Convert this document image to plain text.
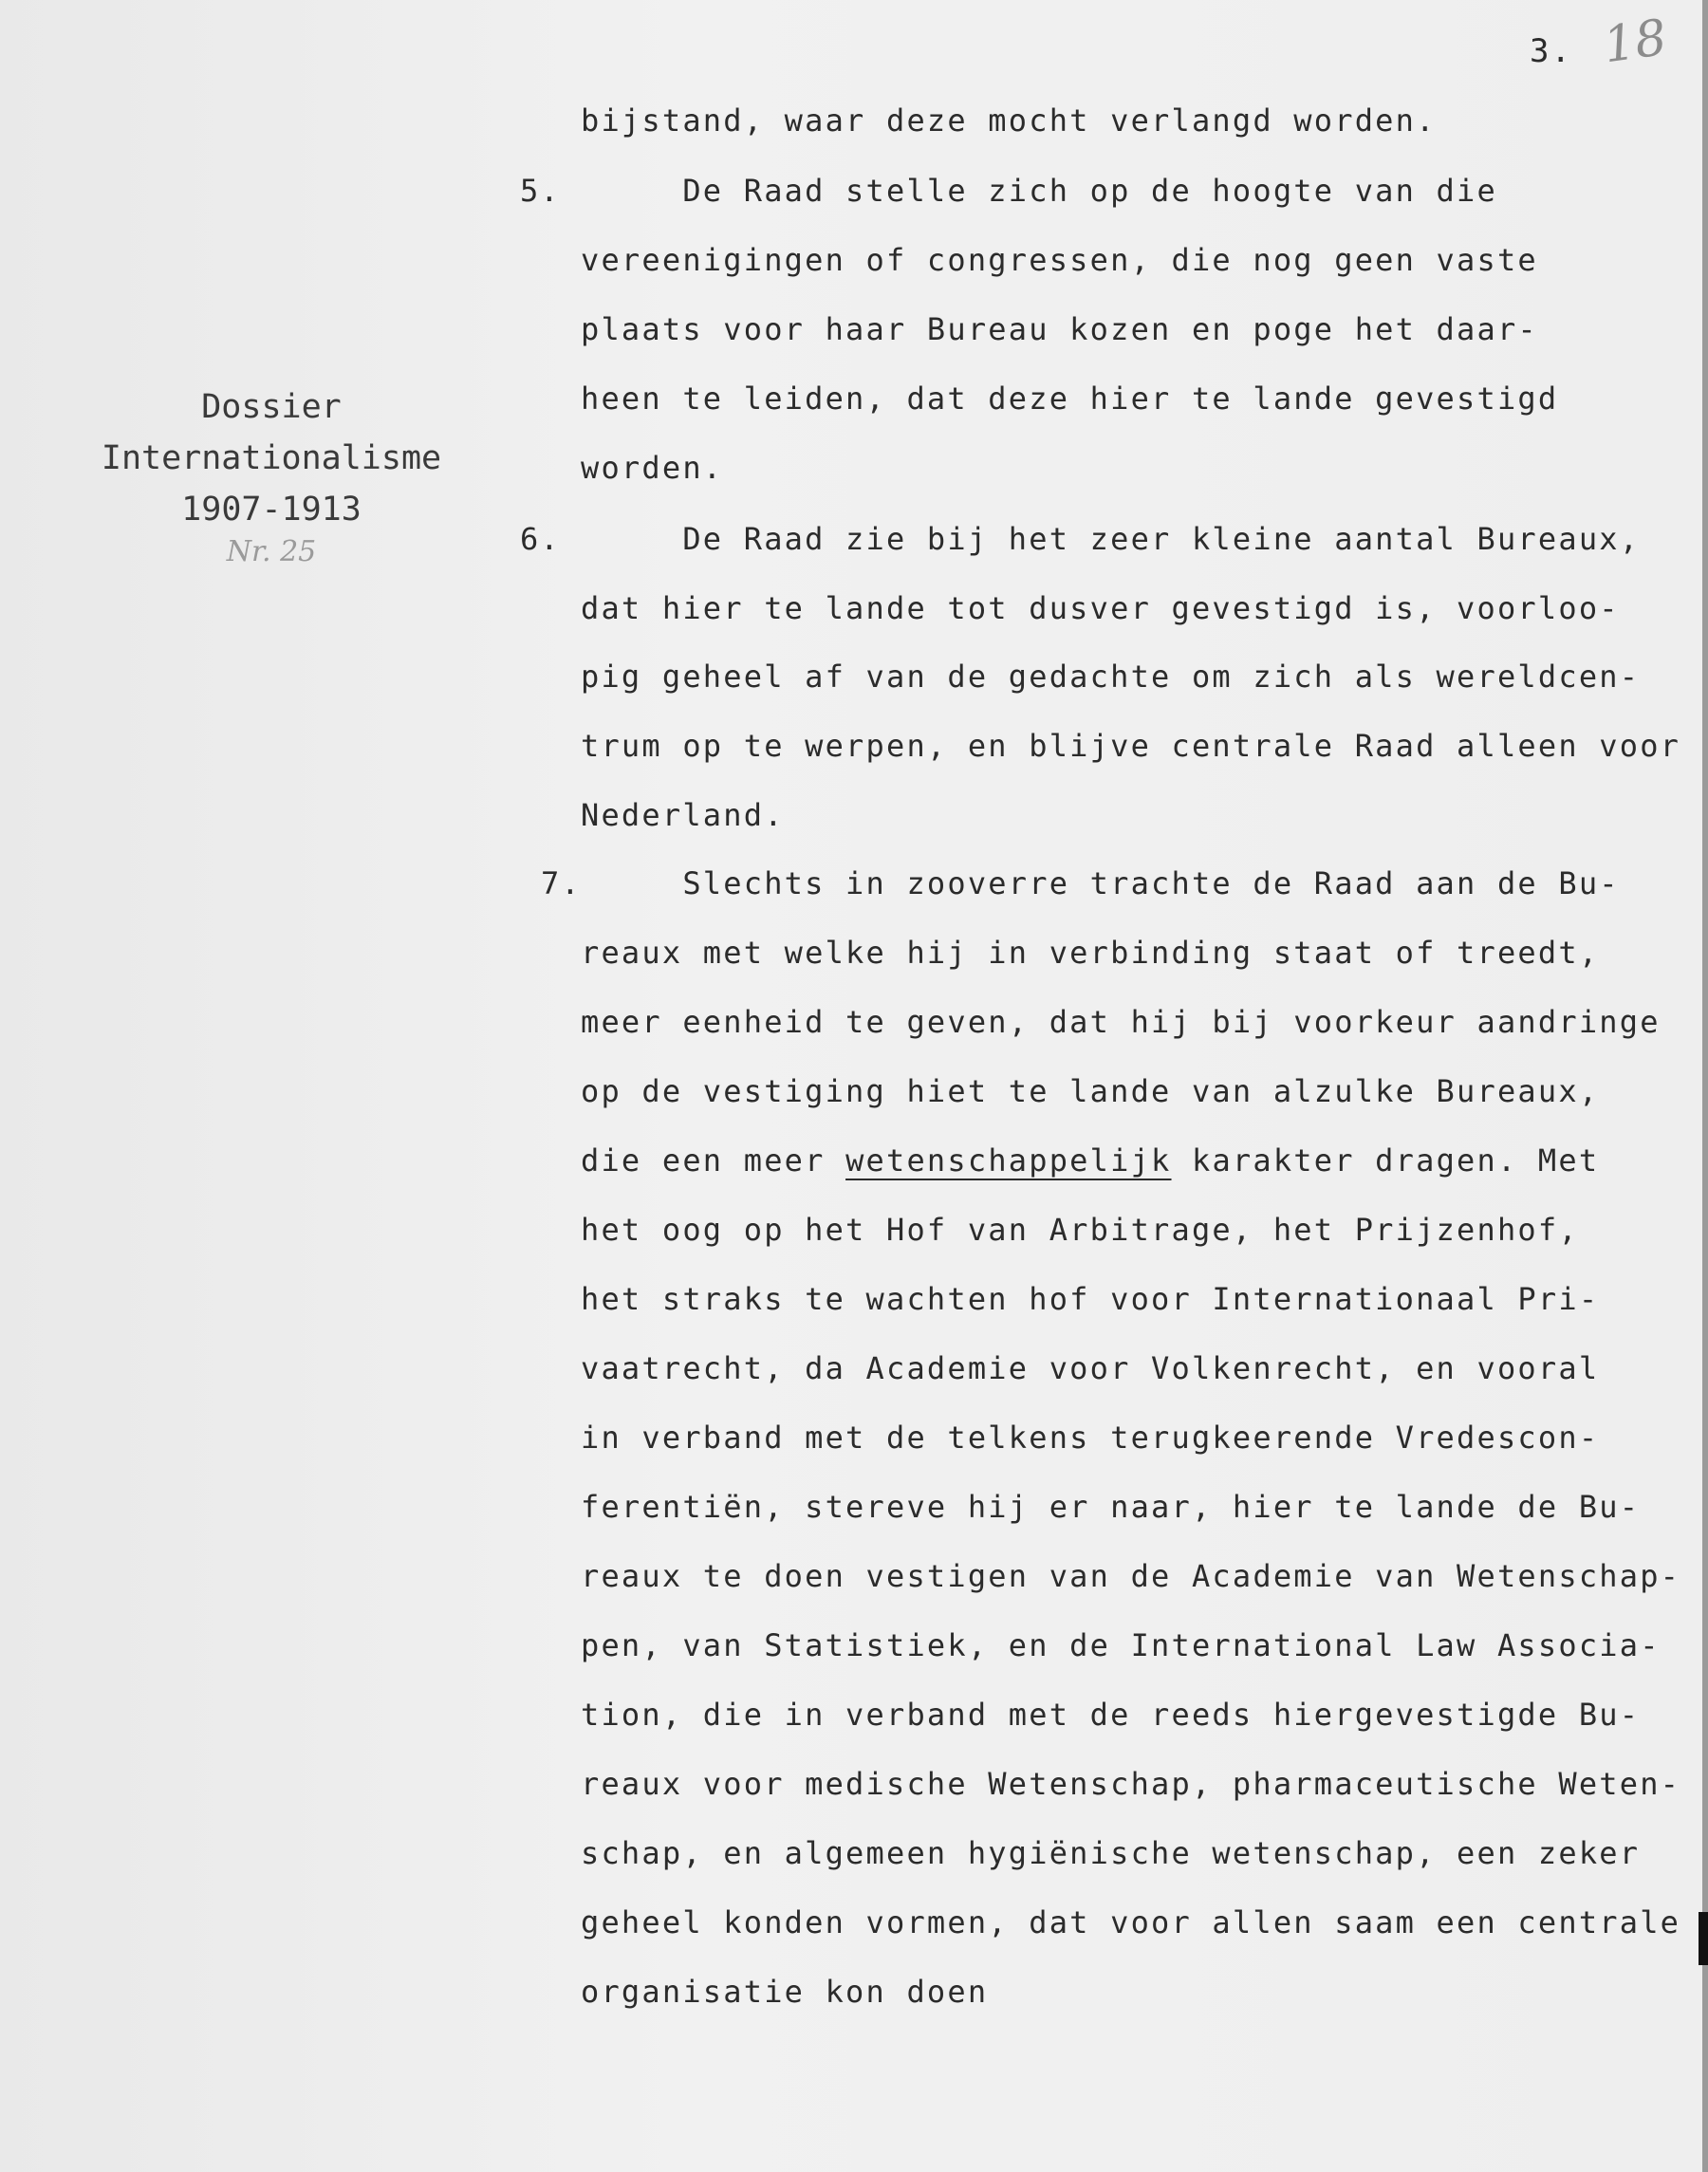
3. 18
Dossier
Internationalisme
1907-1913
Nr. 25
5.
6.
7.
bijstand, waar deze mocht verlangd worden.
De Raad stelle zich op de hoogte van die
vereenigingen of congressen, die nog geen vaste
plaats voor haar Bureau kozen en poge het daar-
heen te leiden, dat deze hier te lande gevestigd
worden.
De Raad zie bij het zeer kleine aantal Bureaux,
dat hier te lande tot dusver gevestigd is, voorloo-
pig geheel af van de gedachte om zich als wereldcen-
trum op te werpen, en blijve centrale Raad alleen voor
Nederland.
Slechts in zooverre trachte de Raad aan de Bu-
reaux met welke hij in verbinding staat of treedt,
meer eenheid te geven, dat hij bij voorkeur aandringe
op de vestiging hiet te lande van alzulke Bureaux,
die een meer wetenschappelijk karakter dragen. Met
het oog op het Hof van Arbitrage, het Prijzenhof,
het straks te wachten hof voor Internationaal Pri-
vaatrecht, da Academie voor Volkenrecht, en vooral
in verband met de telkens terugkeerende Vredescon-
ferentiën, stereve hij er naar, hier te lande de Bu-
reaux te doen vestigen van de Academie van Wetenschap-
pen, van Statistiek, en de International Law Associa-
tion, die in verband met de reeds hiergevestigde Bu-
reaux voor medische Wetenschap, pharmaceutische Weten-
schap, en algemeen hygiënische wetenschap, een zeker
geheel konden vormen, dat voor allen saam een centrale
organisatie kon doen
